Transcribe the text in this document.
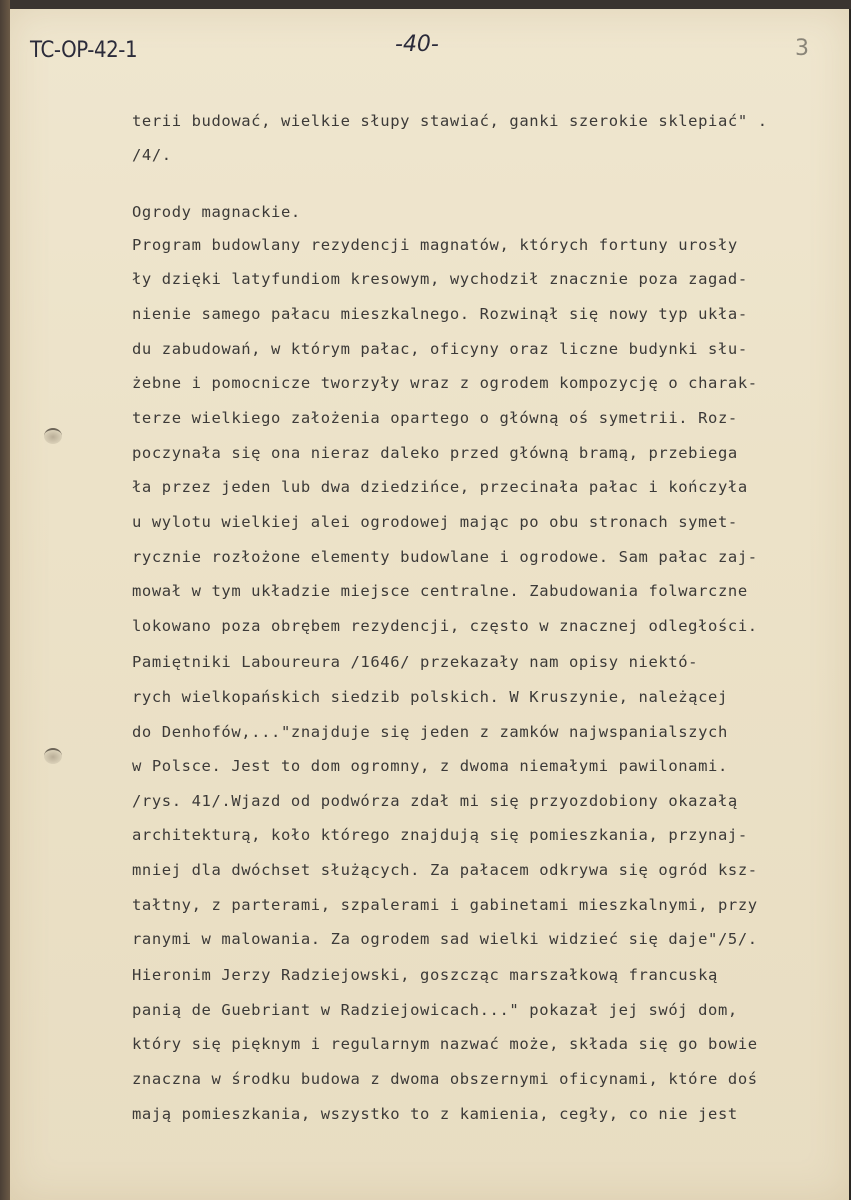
TC-OP-42-1	-40-	3
terii budować, wielkie słupy stawiać, ganki szerokie sklepiać" .
/4/.
Ogrody magnackie.
Program budowlany rezydencji magnatów, których fortuny urosły
ły dzięki latyfundiom kresowym, wychodził znacznie poza zagad-
nienie samego pałacu mieszkalnego. Rozwinął się nowy typ ukła-
du zabudowań, w którym pałac, oficyny oraz liczne budynki słu-
żebne i pomocnicze tworzyły wraz z ogrodem kompozycję o charak-
terze wielkiego założenia opartego o główną oś symetrii. Roz-
poczynała się ona nieraz daleko przed główną bramą, przebiega
ła przez jeden lub dwa dziedzińce, przecinała pałac i kończyła
u wylotu wielkiej alei ogrodowej mając po obu stronach symet-
rycznie rozłożone elementy budowlane i ogrodowe. Sam pałac zaj-
mował w tym układzie miejsce centralne. Zabudowania folwarczne
lokowano poza obrębem rezydencji, często w znacznej odległości.
Pamiętniki Laboureura /1646/ przekazały nam opisy niektó-
rych wielkopańskich siedzib polskich. W Kruszynie, należącej
do Denhofów,..."znajduje się jeden z zamków najwspanialszych
w Polsce. Jest to dom ogromny, z dwoma niemałymi pawilonami.
/rys. 41/.Wjazd od podwórza zdał mi się przyozdobiony okazałą
architekturą, koło którego znajdują się pomieszkania, przynaj-
mniej dla dwóchset służących. Za pałacem odkrywa się ogród ksz-
tałtny, z parterami, szpalerami i gabinetami mieszkalnymi, przy
ranymi w malowania. Za ogrodem sad wielki widzieć się daje"/5/.
Hieronim Jerzy Radziejowski, goszcząc marszałkową francuską
panią de Guebriant w Radziejowicach..." pokazał jej swój dom,
który się pięknym i regularnym nazwać może, składa się go bowie
znaczna w środku budowa z dwoma obszernymi oficynami, które doś
mają pomieszkania, wszystko to z kamienia, cegły, co nie jest
